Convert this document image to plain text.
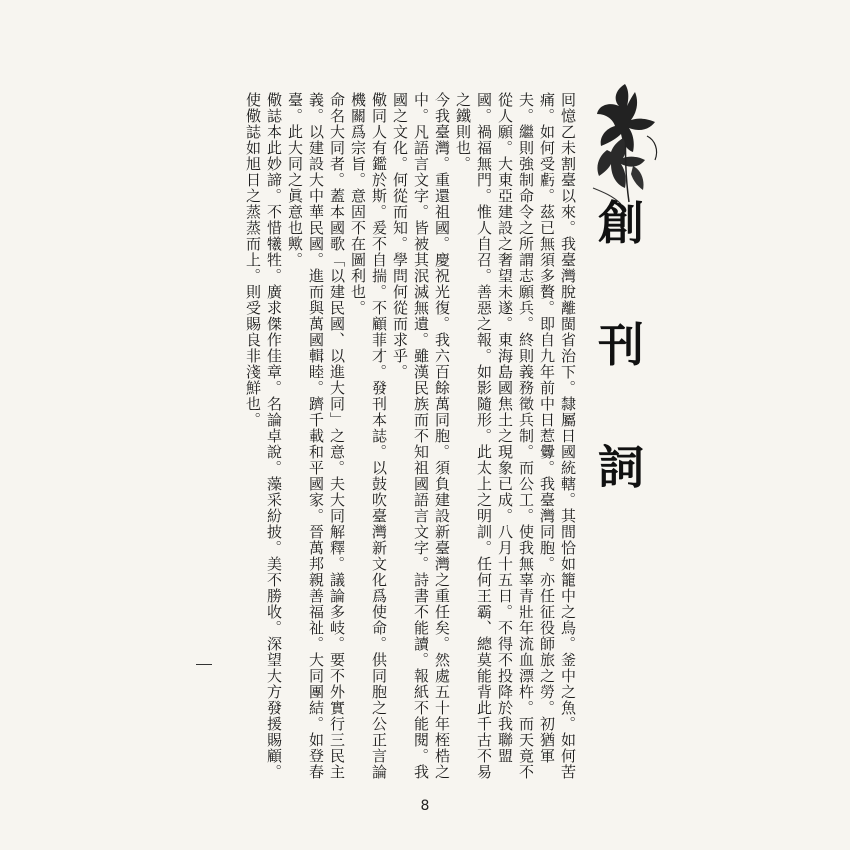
創
刊
詞

囘憶乙未割臺以來。我臺灣脫離閩省治下。隸屬日國統轄。其間恰如籠中之鳥。釜中之魚。如何苦痛。如何受虧。茲已無須多贅。即自九年前中日惹釁。我臺灣同胞。亦任征役師旅之勞。初猶軍夫。繼則強制命令之所謂志願兵。終則義務徵兵制。而公工。使我無辜青壯年流血漂杵。而天竟不從人願。大東亞建設之奢望未遂。東海島國焦土之現象已成。八月十五日。不得不投降於我聯盟國。禍福無門。惟人自召。善惡之報。如影隨形。此太上之明訓。任何王霸、總莫能背此千古不易之鐵則也。

今我臺灣。重還祖國。慶祝光復。我六百餘萬同胞。須負建設新臺灣之重任矣。然處五十年桎梏之中。凡語言文字。皆被其泯滅無遺。雖漢民族而不知祖國語言文字。詩書不能讀。報紙不能閱。我國之文化。何從而知。學問何從而求乎。

儆同人有鑑於斯。爰不自揣。不顧菲才。發刊本誌。以鼓吹臺灣新文化爲使命。供同胞之公正言論機關爲宗旨。意固不在圖利也。

命名大同者。蓋本國歌「以建民國、以進大同」之意。夫大同解釋。議論多岐。要不外實行三民主義。以建設大中華民國。進而與萬國輯睦。躋千載和平國家。晉萬邦親善福祉。大同團結。如登春臺。此大同之眞意也歟。

儆誌本此妙諦。不惜犧牲。廣求傑作佳章。名論卓說。藻采紛披。美不勝收。深望大方發援賜顧。使儆誌如旭日之蒸蒸而上。則受賜良非淺鮮也。

8
